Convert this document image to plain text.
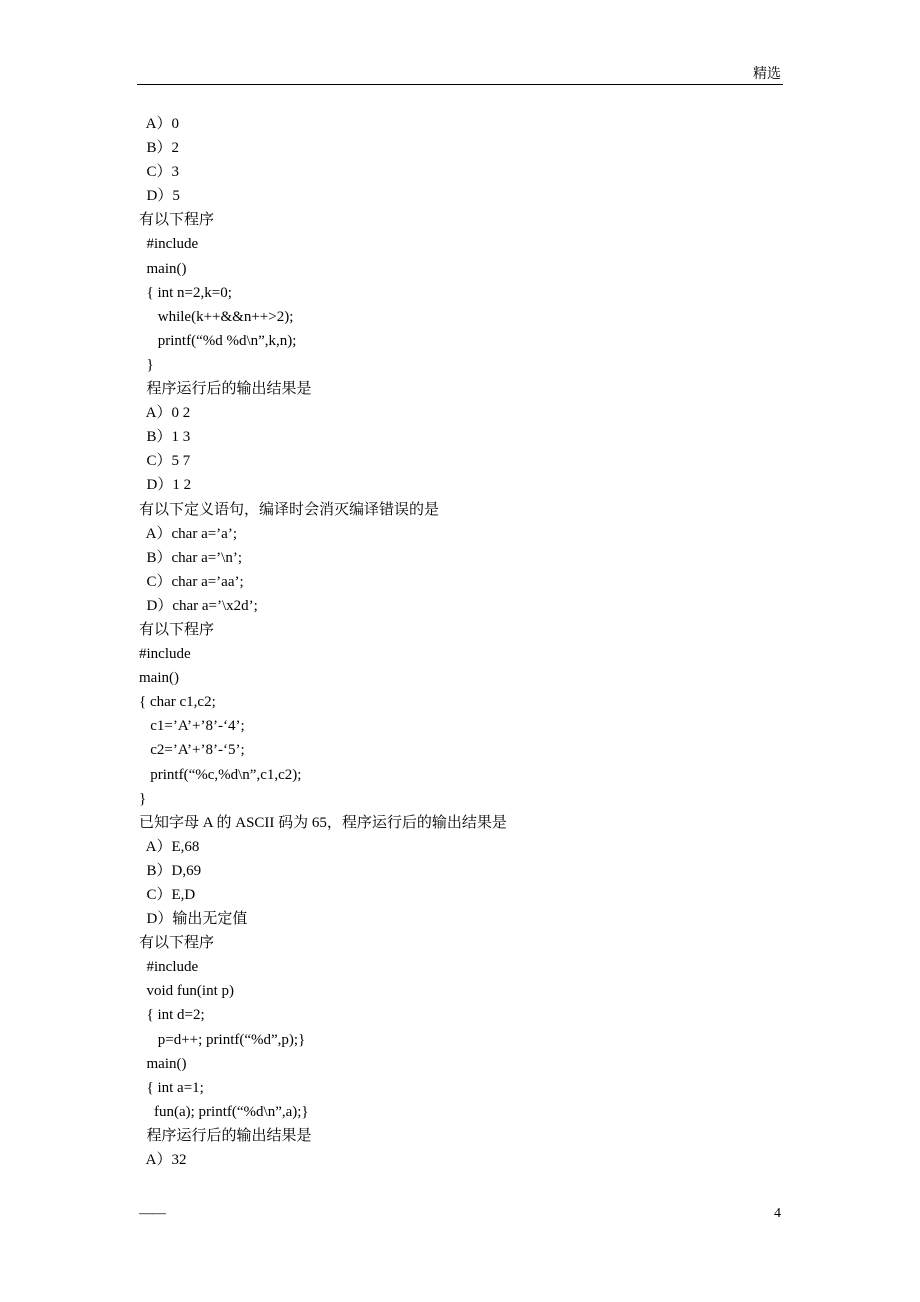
精选
A）0
B）2
C）3
D）5
有以下程序
#include
main()
{ int n=2,k=0;
while(k++&&n++>2);
printf(“%d %d\n”,k,n);
}
程序运行后的输出结果是
A）0 2
B）1 3
C）5 7
D）1 2
有以下定义语句，编译时会消灭编译错误的是
A）char a=’a’;
B）char a=’\n’;
C）char a=’aa’;
D）char a=’\x2d’;
有以下程序
#include
main()
{ char c1,c2;
c1=’A’+’8’-‘4’;
c2=’A’+’8’-‘5’;
printf(“%c,%d\n”,c1,c2);
}
已知字母 A 的 ASCII 码为 65，程序运行后的输出结果是
A）E,68
B）D,69
C）E,D
D）输出无定值
有以下程序
#include
void fun(int p)
{ int d=2;
p=d++; printf(“%d”,p);}
main()
{ int a=1;
fun(a); printf(“%d\n”,a);}
程序运行后的输出结果是
A）32
——	4
